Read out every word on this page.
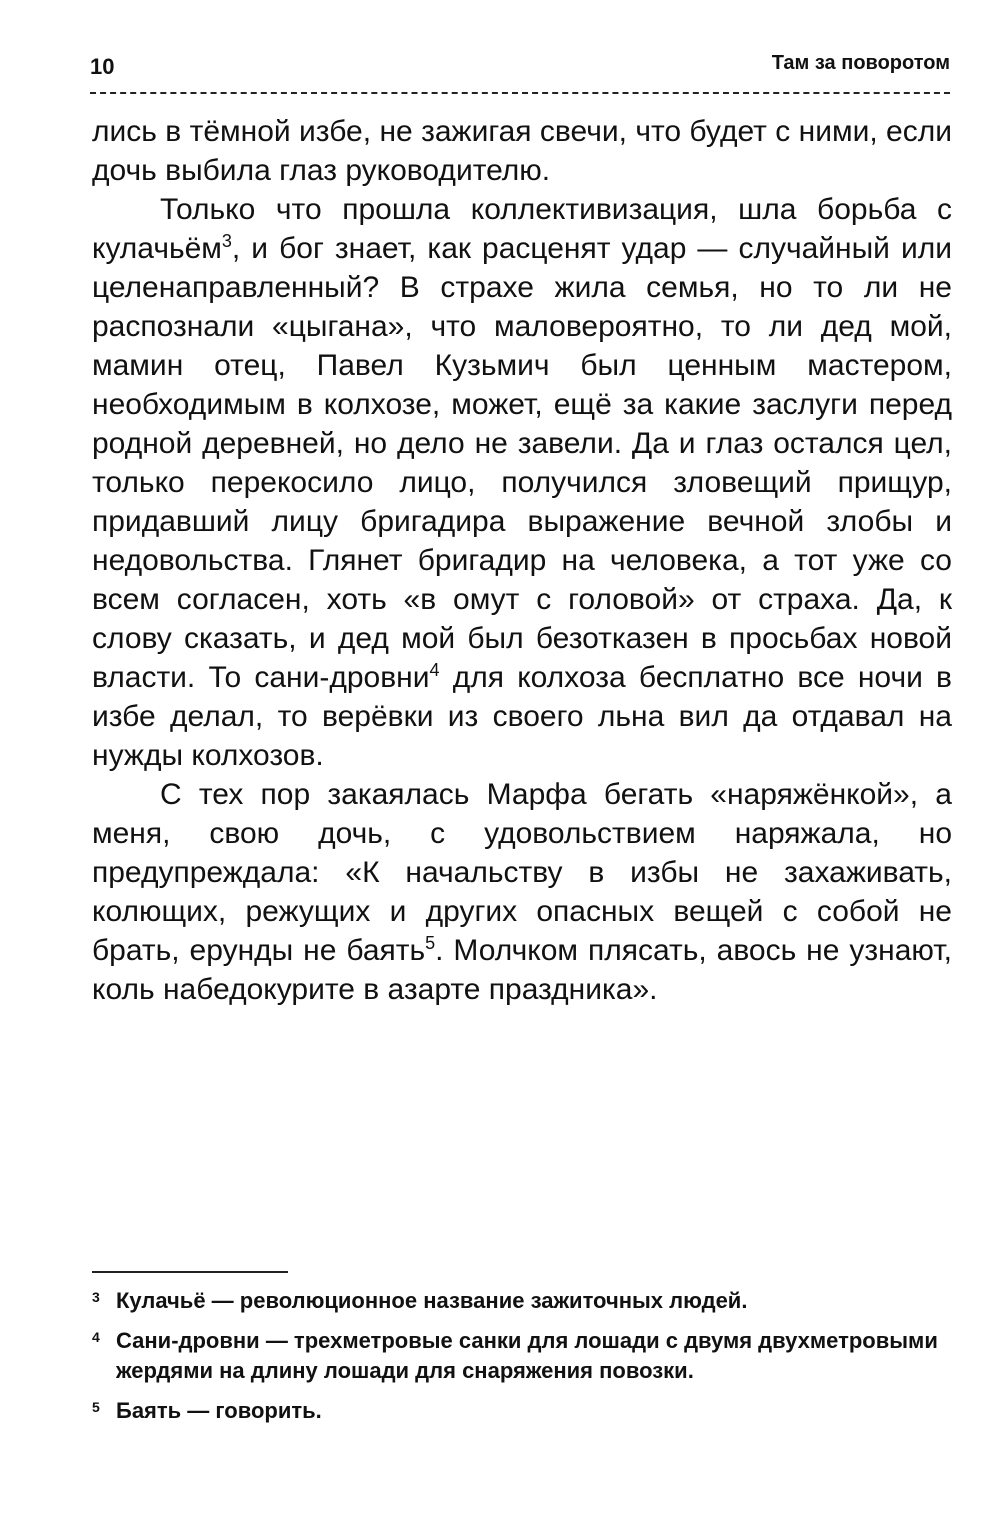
10	Там за поворотом

лись в тёмной избе, не зажигая свечи, что будет с ними, если дочь выбила глаз руководителю.

Только что прошла коллективизация, шла борьба с кулачьём$^3$, и бог знает, как расценят удар — случайный или целенаправленный? В страхе жила семья, но то ли не распознали «цыгана», что маловероятно, то ли дед мой, мамин отец, Павел Кузьмич был ценным мастером, необходимым в колхозе, может, ещё за какие заслуги перед родной деревней, но дело не завели. Да и глаз остался цел, только перекосило лицо, получился зловещий прищур, придавший лицу бригадира выражение вечной злобы и недовольства. Глянет бригадир на человека, а тот уже со всем согласен, хоть «в омут с головой» от страха. Да, к слову сказать, и дед мой был безотказен в просьбах новой власти. То сани-дровни$^4$ для колхоза бесплатно все ночи в избе делал, то верёвки из своего льна вил да отдавал на нужды колхозов.

С тех пор закаялась Марфа бегать «наряжёнкой», а меня, свою дочь, с удовольствием наряжала, но предупреждала: «К начальству в избы не захаживать, колющих, режущих и других опасных вещей с собой не брать, ерунды не баять$^5$. Молчком плясать, авось не узнают, коль набедокурите в азарте праздника».

3 Кулачьё — революционное название зажиточных людей.

4 Сани-дровни — трехметровые санки для лошади с двумя двухметровыми жердями на длину лошади для снаряжения повозки.

5 Баять — говорить.
